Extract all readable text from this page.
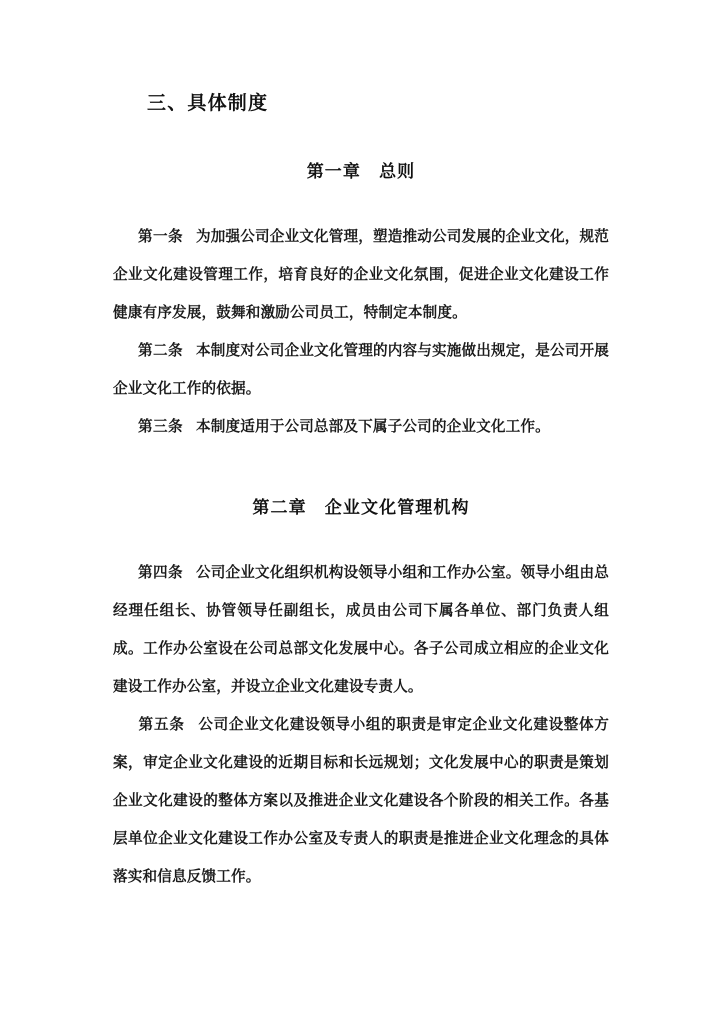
三、具体制度
第一章　总则

第一条 为加强公司企业文化管理，塑造推动公司发展的企业文化，规范企业文化建设管理工作，培育良好的企业文化氛围，促进企业文化建设工作健康有序发展，鼓舞和激励公司员工，特制定本制度。

第二条 本制度对公司企业文化管理的内容与实施做出规定，是公司开展企业文化工作的依据。

第三条 本制度适用于公司总部及下属子公司的企业文化工作。

第二章　企业文化管理机构

第四条 公司企业文化组织机构设领导小组和工作办公室。领导小组由总经理任组长、协管领导任副组长，成员由公司下属各单位、部门负责人组成。工作办公室设在公司总部文化发展中心。各子公司成立相应的企业文化建设工作办公室，并设立企业文化建设专责人。

第五条 公司企业文化建设领导小组的职责是审定企业文化建设整体方案，审定企业文化建设的近期目标和长远规划；文化发展中心的职责是策划企业文化建设的整体方案以及推进企业文化建设各个阶段的相关工作。各基层单位企业文化建设工作办公室及专责人的职责是推进企业文化理念的具体落实和信息反馈工作。
